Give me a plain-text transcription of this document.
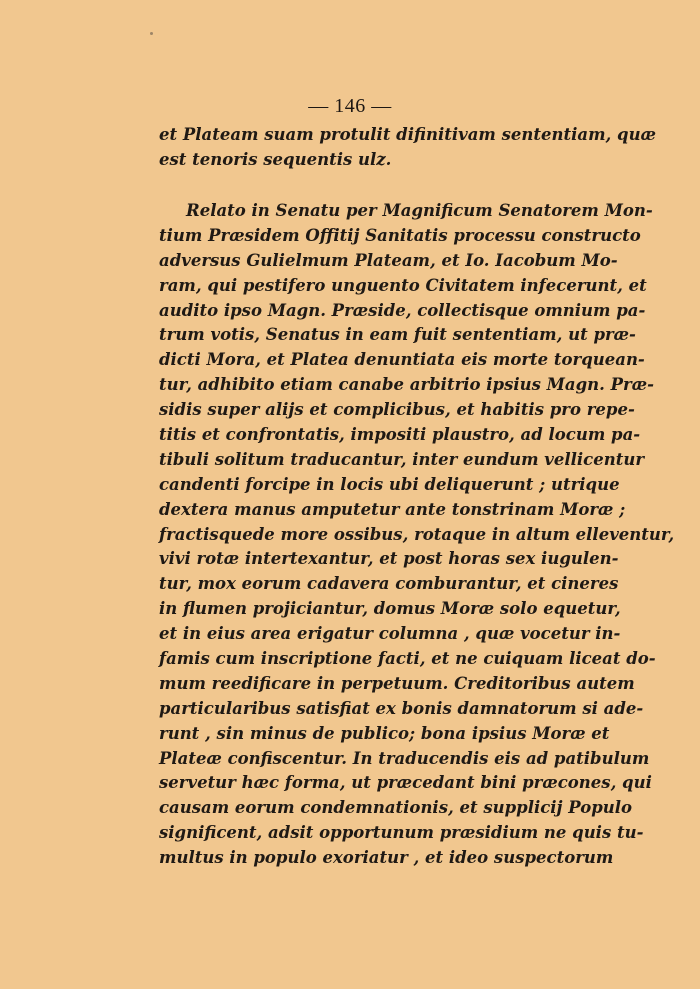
— 146 —
et Plateam suam protulit difinitivam sententiam, quæ
est tenoris sequentis ulz.
Relato in Senatu per Magnificum Senatorem Mon-
tium Præsidem Offitij Sanitatis processu constructo
adversus Gulielmum Plateam, et Io. Iacobum Mo-
ram, qui pestifero unguento Civitatem infecerunt, et
audito ipso Magn. Præside, collectisque omnium pa-
trum votis, Senatus in eam fuit sententiam, ut præ-
dicti Mora, et Platea denuntiata eis morte torquean-
tur, adhibito etiam canabe arbitrio ipsius Magn. Præ-
sidis super alijs et complicibus, et habitis pro repe-
titis et confrontatis, impositi plaustro, ad locum pa-
tibuli solitum traducantur, inter eundum vellicentur
candenti forcipe in locis ubi deliquerunt ; utrique
dextera manus amputetur ante tonstrinam Moræ ;
fractisquede more ossibus, rotaque in altum elleventur,
vivi rotæ intertexantur, et post horas sex iugulen-
tur, mox eorum cadavera comburantur, et cineres
in flumen projiciantur, domus Moræ solo equetur,
et in eius area erigatur columna , quæ vocetur in-
famis cum inscriptione facti, et ne cuiquam liceat do-
mum reedificare in perpetuum. Creditoribus autem
particularibus satisfiat ex bonis damnatorum si ade-
runt , sin minus de publico; bona ipsius Moræ et
Plateæ confiscentur. In traducendis eis ad patibulum
servetur hæc forma, ut præcedant bini præcones, qui
causam eorum condemnationis, et supplicij Populo
significent, adsit opportunum præsidium ne quis tu-
multus in populo exoriatur , et ideo suspectorum
